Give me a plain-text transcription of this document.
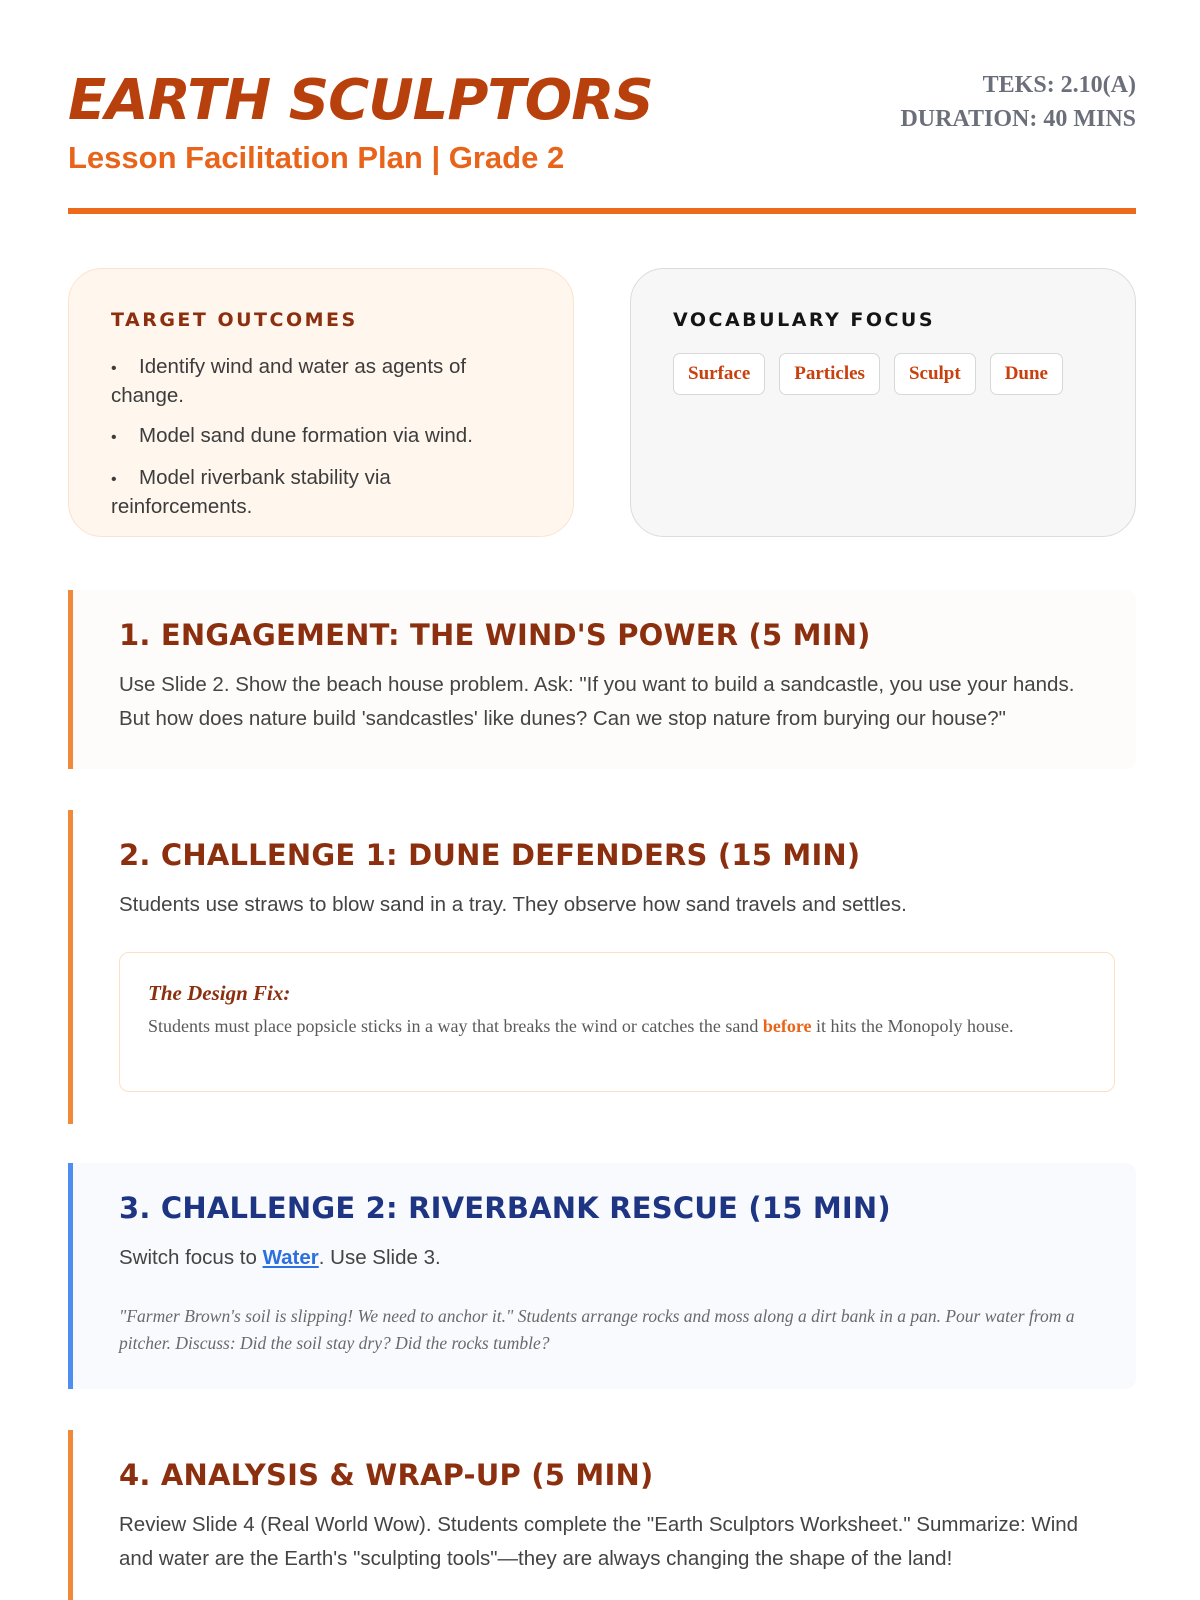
EARTH SCULPTORS
Lesson Facilitation Plan | Grade 2
TEKS: 2.10(A)
DURATION: 40 MINS
TARGET OUTCOMES
• Identify wind and water as agents of change.
• Model sand dune formation via wind.
• Model riverbank stability via reinforcements.
VOCABULARY FOCUS
Surface	Particles	Sculpt	Dune
1. ENGAGEMENT: THE WIND'S POWER (5 MIN)
Use Slide 2. Show the beach house problem. Ask: "If you want to build a sandcastle, you use your hands. But how does nature build 'sandcastles' like dunes? Can we stop nature from burying our house?"
2. CHALLENGE 1: DUNE DEFENDERS (15 MIN)
Students use straws to blow sand in a tray. They observe how sand travels and settles.
The Design Fix:
Students must place popsicle sticks in a way that breaks the wind or catches the sand before it hits the Monopoly house.
3. CHALLENGE 2: RIVERBANK RESCUE (15 MIN)
Switch focus to Water. Use Slide 3.
"Farmer Brown's soil is slipping! We need to anchor it." Students arrange rocks and moss along a dirt bank in a pan. Pour water from a pitcher. Discuss: Did the soil stay dry? Did the rocks tumble?
4. ANALYSIS & WRAP-UP (5 MIN)
Review Slide 4 (Real World Wow). Students complete the "Earth Sculptors Worksheet." Summarize: Wind and water are the Earth's "sculpting tools"—they are always changing the shape of the land!
